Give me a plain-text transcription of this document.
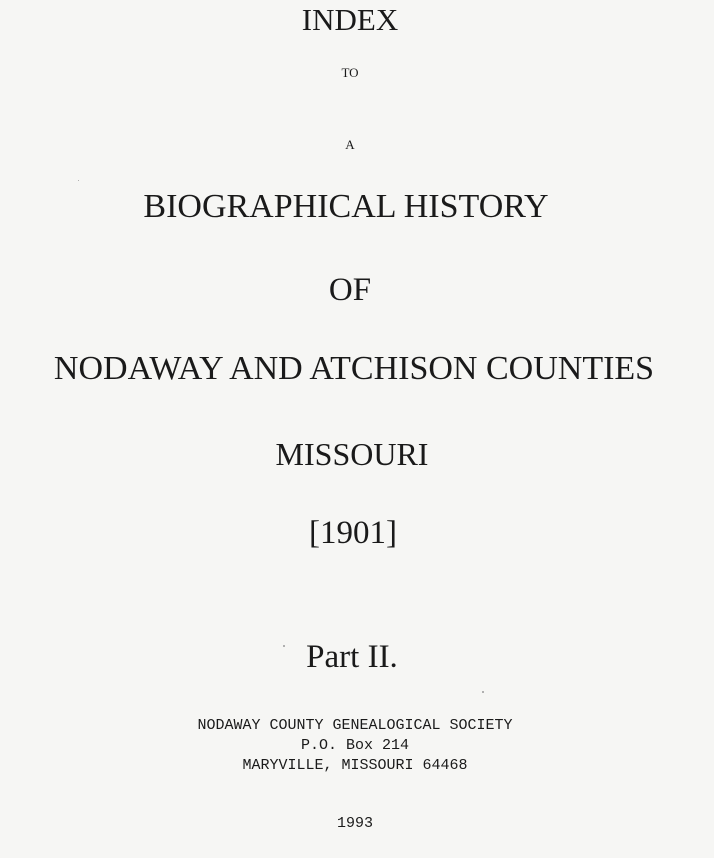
INDEX
TO
A
BIOGRAPHICAL HISTORY
OF
NODAWAY AND ATCHISON COUNTIES
MISSOURI
[1901]
Part II.
NODAWAY COUNTY GENEALOGICAL SOCIETY
P.O. Box 214
MARYVILLE, MISSOURI 64468
1993
